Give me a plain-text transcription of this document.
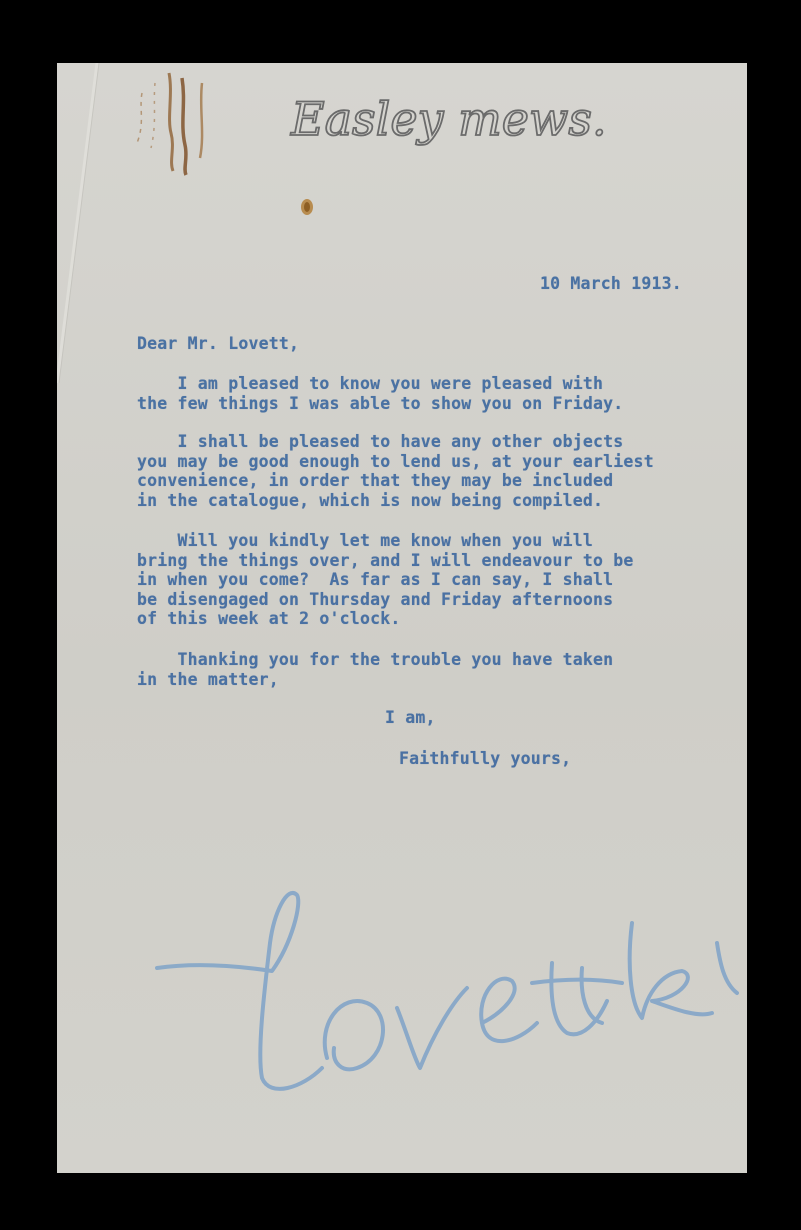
Easley mews.
10 March 1913.
Dear Mr. Lovett,
I am pleased to know you were pleased with
the few things I was able to show you on Friday.
I shall be pleased to have any other objects
you may be good enough to lend us, at your earliest
convenience, in order that they may be included
in the catalogue, which is now being compiled.
Will you kindly let me know when you will
bring the things over, and I will endeavour to be
in when you come?  As far as I can say, I shall
be disengaged on Thursday and Friday afternoons
of this week at 2 o'clock.
Thanking you for the trouble you have taken
in the matter,
I am,
Faithfully yours,
